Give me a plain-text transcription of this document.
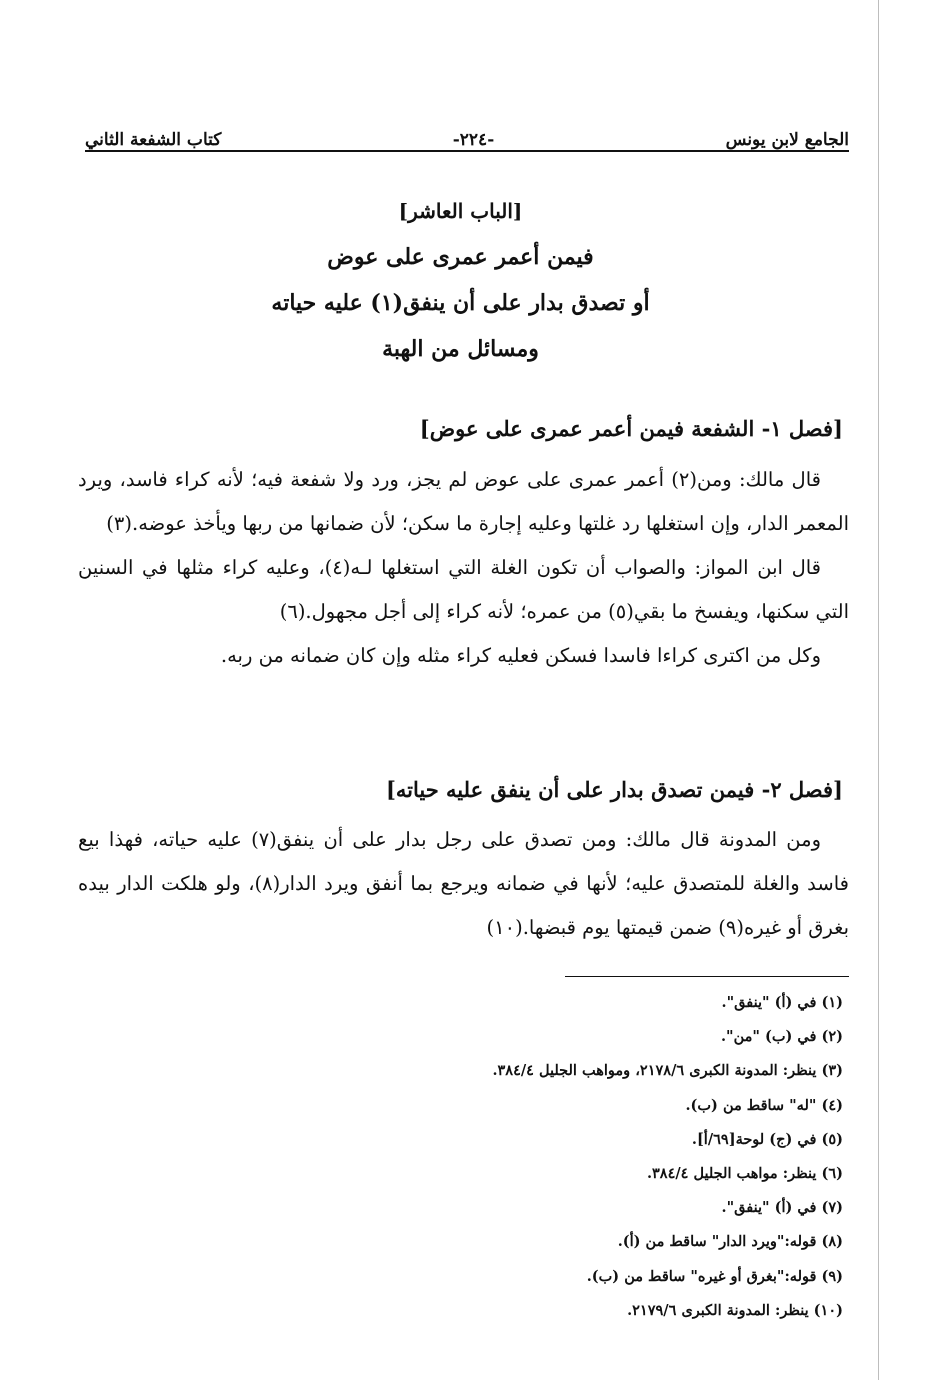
الجامع لابن يونس
-٢٢٤-
كتاب الشفعة الثاني
[الباب العاشر]
فيمن أعمر عمرى على عوض
أو تصدق بدار على أن ينفق(١) عليه حياته
ومسائل من الهبة
[فصل ١- الشفعة فيمن أعمر عمرى على عوض]

قال مالك: ومن(٢) أعمر عمرى على عوض لم يجز، ورد ولا شفعة فيه؛ لأنه كراء فاسد، ويرد المعمر الدار، وإن استغلها رد غلتها وعليه إجارة ما سكن؛ لأن ضمانها من ربها ويأخذ عوضه.(٣)

قال ابن المواز: والصواب أن تكون الغلة التي استغلها لـه(٤)، وعليه كراء مثلها في السنين التي سكنها، ويفسخ ما بقي(٥) من عمره؛ لأنه كراء إلى أجل مجهول.(٦)

وكل من اكترى كراءا فاسدا فسكن فعليه كراء مثله وإن كان ضمانه من ربه.

[فصل ٢- فيمن تصدق بدار على أن ينفق عليه حياته]

ومن المدونة قال مالك: ومن تصدق على رجل بدار على أن ينفق(٧) عليه حياته، فهذا بيع فاسد والغلة للمتصدق عليه؛ لأنها في ضمانه ويرجع بما أنفق ويرد الدار(٨)، ولو هلكت الدار بيده بغرق أو غيره(٩) ضمن قيمتها يوم قبضها.(١٠)

(١) في (أ) "ينفق".
(٢) في (ب) "من".
(٣) ينظر: المدونة الكبرى ٢١٧٨/٦، ومواهب الجليل ٣٨٤/٤.
(٤) "له" ساقط من (ب).
(٥) في (ج) لوحة[٦٩/أ].
(٦) ينظر: مواهب الجليل ٣٨٤/٤.
(٧) في (أ) "ينفق".
(٨) قوله:"ويرد الدار" ساقط من (أ).
(٩) قوله:"بغرق أو غيره" ساقط من (ب).
(١٠) ينظر: المدونة الكبرى ٢١٧٩/٦.
